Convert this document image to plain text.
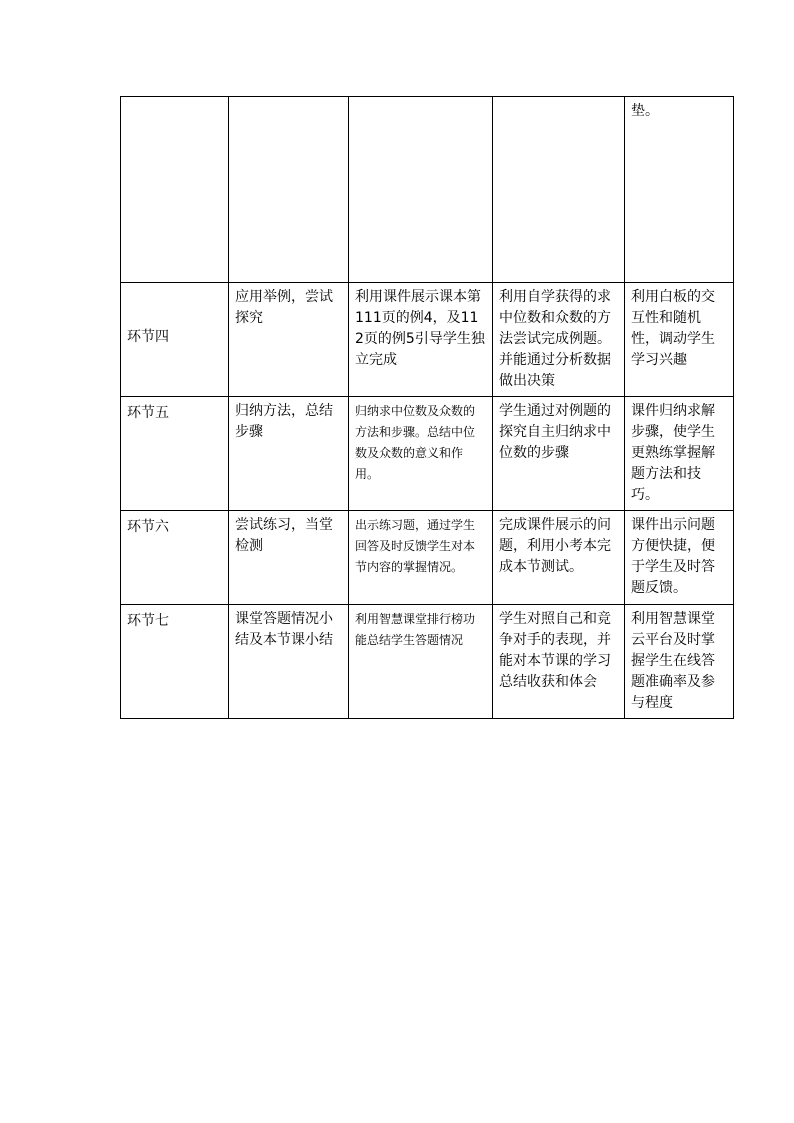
				垫。
环节四	应用举例，尝试探究	利用课件展示课本第111页的例4，及112页的例5引导学生独立完成	利用自学获得的求中位数和众数的方法尝试完成例题。并能通过分析数据做出决策	利用白板的交互性和随机性，调动学生学习兴趣
环节五	归纳方法，总结步骤	归纳求中位数及众数的方法和步骤。总结中位数及众数的意义和作用。	学生通过对例题的探究自主归纳求中位数的步骤	课件归纳求解步骤，使学生更熟练掌握解题方法和技巧。
环节六	尝试练习，当堂检测	出示练习题，通过学生回答及时反馈学生对本节内容的掌握情况。	完成课件展示的问题，利用小考本完成本节测试。	课件出示问题方便快捷，便于学生及时答题反馈。
环节七	课堂答题情况小结及本节课小结	利用智慧课堂排行榜功能总结学生答题情况	学生对照自己和竞争对手的表现，并能对本节课的学习总结收获和体会	利用智慧课堂云平台及时掌握学生在线答题准确率及参与程度
